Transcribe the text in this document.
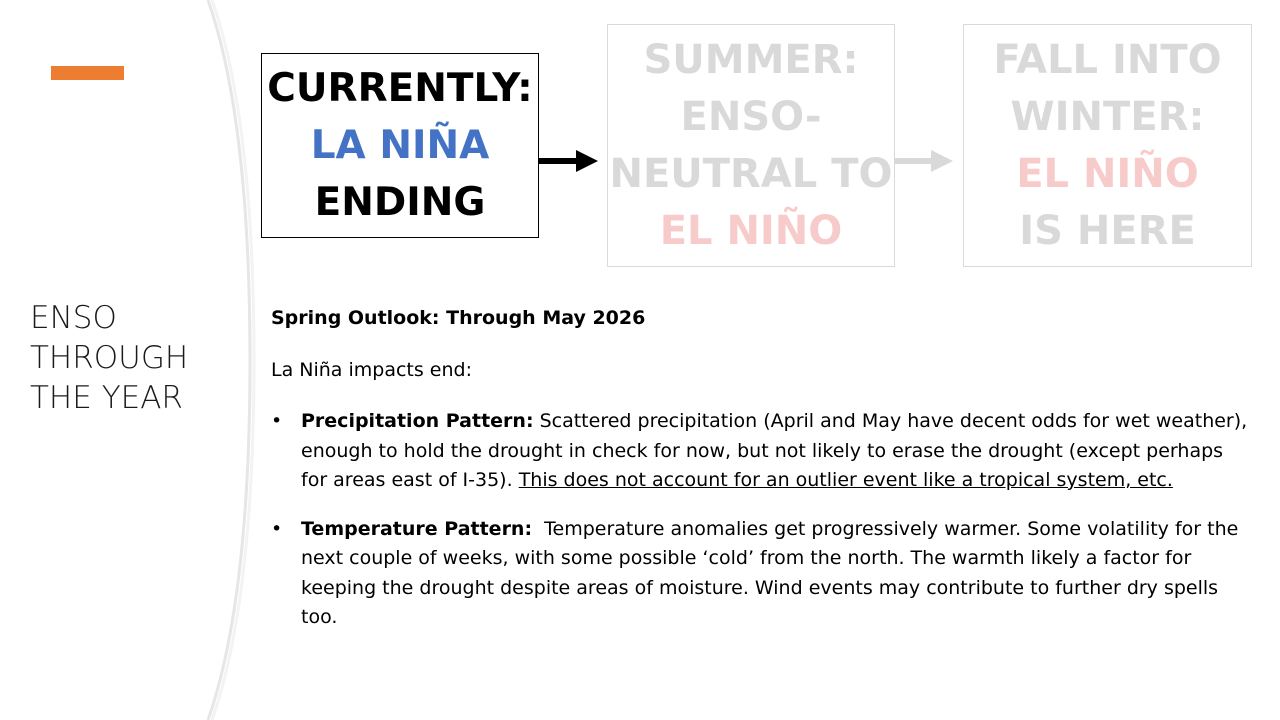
ENSO
THROUGH
THE YEAR
CURRENTLY:
LA NIÑA
ENDING
SUMMER:
ENSO-
NEUTRAL TO
EL NIÑO
FALL INTO
WINTER:
EL NIÑO
IS HERE
Spring Outlook: Through May 2026
La Niña impacts end:
• Precipitation Pattern: Scattered precipitation (April and May have decent odds for wet weather), enough to hold the drought in check for now, but not likely to erase the drought (except perhaps for areas east of I-35). This does not account for an outlier event like a tropical system, etc.
• Temperature Pattern:  Temperature anomalies get progressively warmer. Some volatility for the next couple of weeks, with some possible ‘cold’ from the north. The warmth likely a factor for keeping the drought despite areas of moisture. Wind events may contribute to further dry spells too.
